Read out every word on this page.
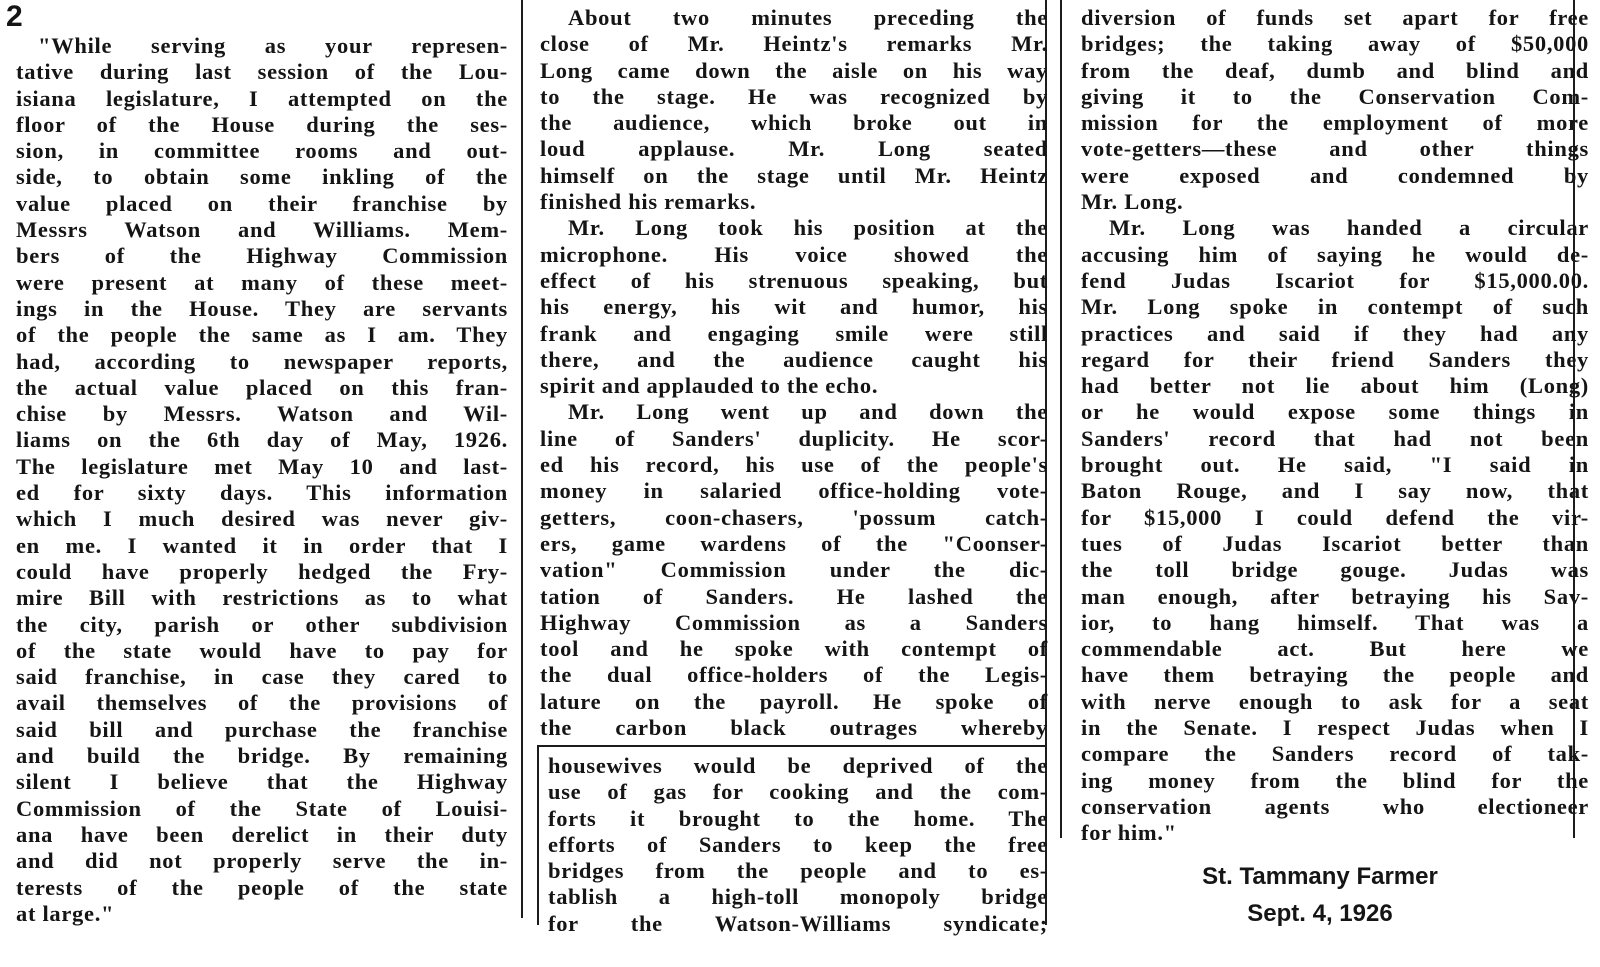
2
"While serving as your represen-
tative during last session of the Lou-
isiana legislature, I attempted on the
floor of the House during the ses-
sion, in committee rooms and out-
side, to obtain some inkling of the
value placed on their franchise by
Messrs Watson and Williams. Mem-
bers of the Highway Commission
were present at many of these meet-
ings in the House. They are servants
of the people the same as I am. They
had, according to newspaper reports,
the actual value placed on this fran-
chise by Messrs. Watson and Wil-
liams on the 6th day of May, 1926.
The legislature met May 10 and last-
ed for sixty days. This information
which I much desired was never giv-
en me. I wanted it in order that I
could have properly hedged the Fry-
mire Bill with restrictions as to what
the city, parish or other subdivision
of the state would have to pay for
said franchise, in case they cared to
avail themselves of the provisions of
said bill and purchase the franchise
and build the bridge. By remaining
silent I believe that the Highway
Commission of the State of Louisi-
ana have been derelict in their duty
and did not properly serve the in-
terests of the people of the state
at large."
About two minutes preceding the
close of Mr. Heintz's remarks Mr.
Long came down the aisle on his way
to the stage. He was recognized by
the audience, which broke out in
loud applause. Mr. Long seated
himself on the stage until Mr. Heintz
finished his remarks.
Mr. Long took his position at the
microphone. His voice showed the
effect of his strenuous speaking, but
his energy, his wit and humor, his
frank and engaging smile were still
there, and the audience caught his
spirit and applauded to the echo.
Mr. Long went up and down the
line of Sanders' duplicity. He scor-
ed his record, his use of the people's
money in salaried office-holding vote-
getters, coon-chasers, 'possum catch-
ers, game wardens of the "Coonser-
vation" Commission under the dic-
tation of Sanders. He lashed the
Highway Commission as a Sanders
tool and he spoke with contempt of
the dual office-holders of the Legis-
lature on the payroll. He spoke of
the carbon black outrages whereby
housewives would be deprived of the
use of gas for cooking and the com-
forts it brought to the home. The
efforts of Sanders to keep the free
bridges from the people and to es-
tablish a high-toll monopoly bridge
for the Watson-Williams syndicate;
diversion of funds set apart for free
bridges; the taking away of $50,000
from the deaf, dumb and blind and
giving it to the Conservation Com-
mission for the employment of more
vote-getters—these and other things
were exposed and condemned by
Mr. Long.
Mr. Long was handed a circular
accusing him of saying he would de-
fend Judas Iscariot for $15,000.00.
Mr. Long spoke in contempt of such
practices and said if they had any
regard for their friend Sanders they
had better not lie about him (Long)
or he would expose some things in
Sanders' record that had not been
brought out. He said, "I said in
Baton Rouge, and I say now, that
for $15,000 I could defend the vir-
tues of Judas Iscariot better than
the toll bridge gouge. Judas was
man enough, after betraying his Sav-
ior, to hang himself. That was a
commendable act. But here we
have them betraying the people and
with nerve enough to ask for a seat
in the Senate. I respect Judas when I
compare the Sanders record of tak-
ing money from the blind for the
conservation agents who electioneer
for him."
St. Tammany Farmer
Sept. 4, 1926
